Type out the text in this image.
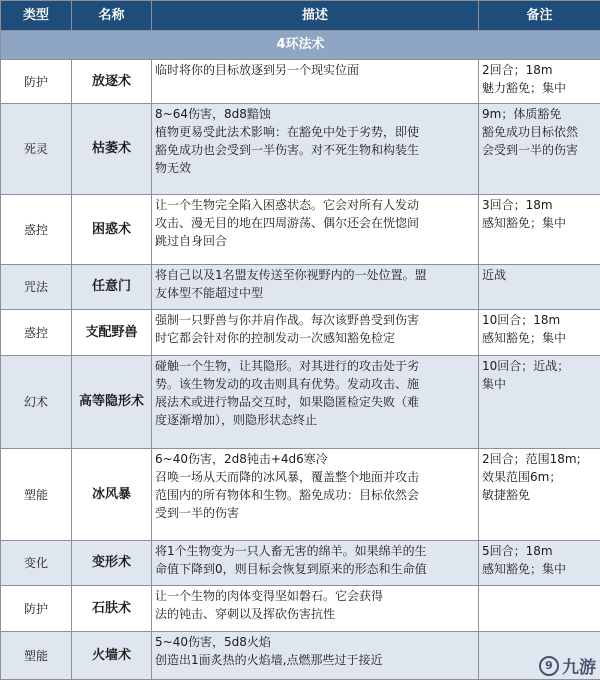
类型	名称	描述	备注
4环法术			
防护	放逐术	临时将你的目标放逐到另一个现实位面	2回合；18m
魅力豁免；集中

死灵	枯萎术	8~64伤害，8d8黯蚀
植物更易受此法术影响：在豁免中处于劣势，即使
豁免成功也会受到一半伤害。对不死生物和构装生
物无效	9m；体质豁免
豁免成功目标依然
会受到一半的伤害

惑控	困惑术	让一个生物完全陷入困惑状态。它会对所有人发动
攻击、漫无目的地在四周游荡、偶尔还会在恍惚间
跳过自身回合	3回合；18m
感知豁免；集中

咒法	任意门	将自己以及1名盟友传送至你视野内的一处位置。盟
友体型不能超过中型	近战

惑控	支配野兽	强制一只野兽与你并肩作战。每次该野兽受到伤害
时它都会针对你的控制发动一次感知豁免检定	10回合；18m
感知豁免；集中

幻术	高等隐形术	碰触一个生物，让其隐形。对其进行的攻击处于劣
势。该生物发动的攻击则具有优势。发动攻击、施
展法术或进行物品交互时，如果隐匿检定失败（难
度逐渐增加），则隐形状态终止	10回合；近战；
集中

塑能	冰风暴	6~40伤害，2d8钝击+4d6寒冷
召唤一场从天而降的冰风暴，覆盖整个地面并攻击
范围内的所有物体和生物。豁免成功：目标依然会
受到一半的伤害	2回合；范围18m;
效果范围6m；
敏捷豁免

变化	变形术	将1个生物变为一只人畜无害的绵羊。如果绵羊的生
命值下降到0，则目标会恢复到原来的形态和生命值	5回合；18m
感知豁免；集中

防护	石肤术	让一个生物的肉体变得坚如磐石。它会获得
法的钝击、穿刺以及挥砍伤害抗性	

塑能	火墙术	5~40伤害，5d8火焰
创造出1面炙热的火焰墙,点燃那些过于接近	
		9 九游
